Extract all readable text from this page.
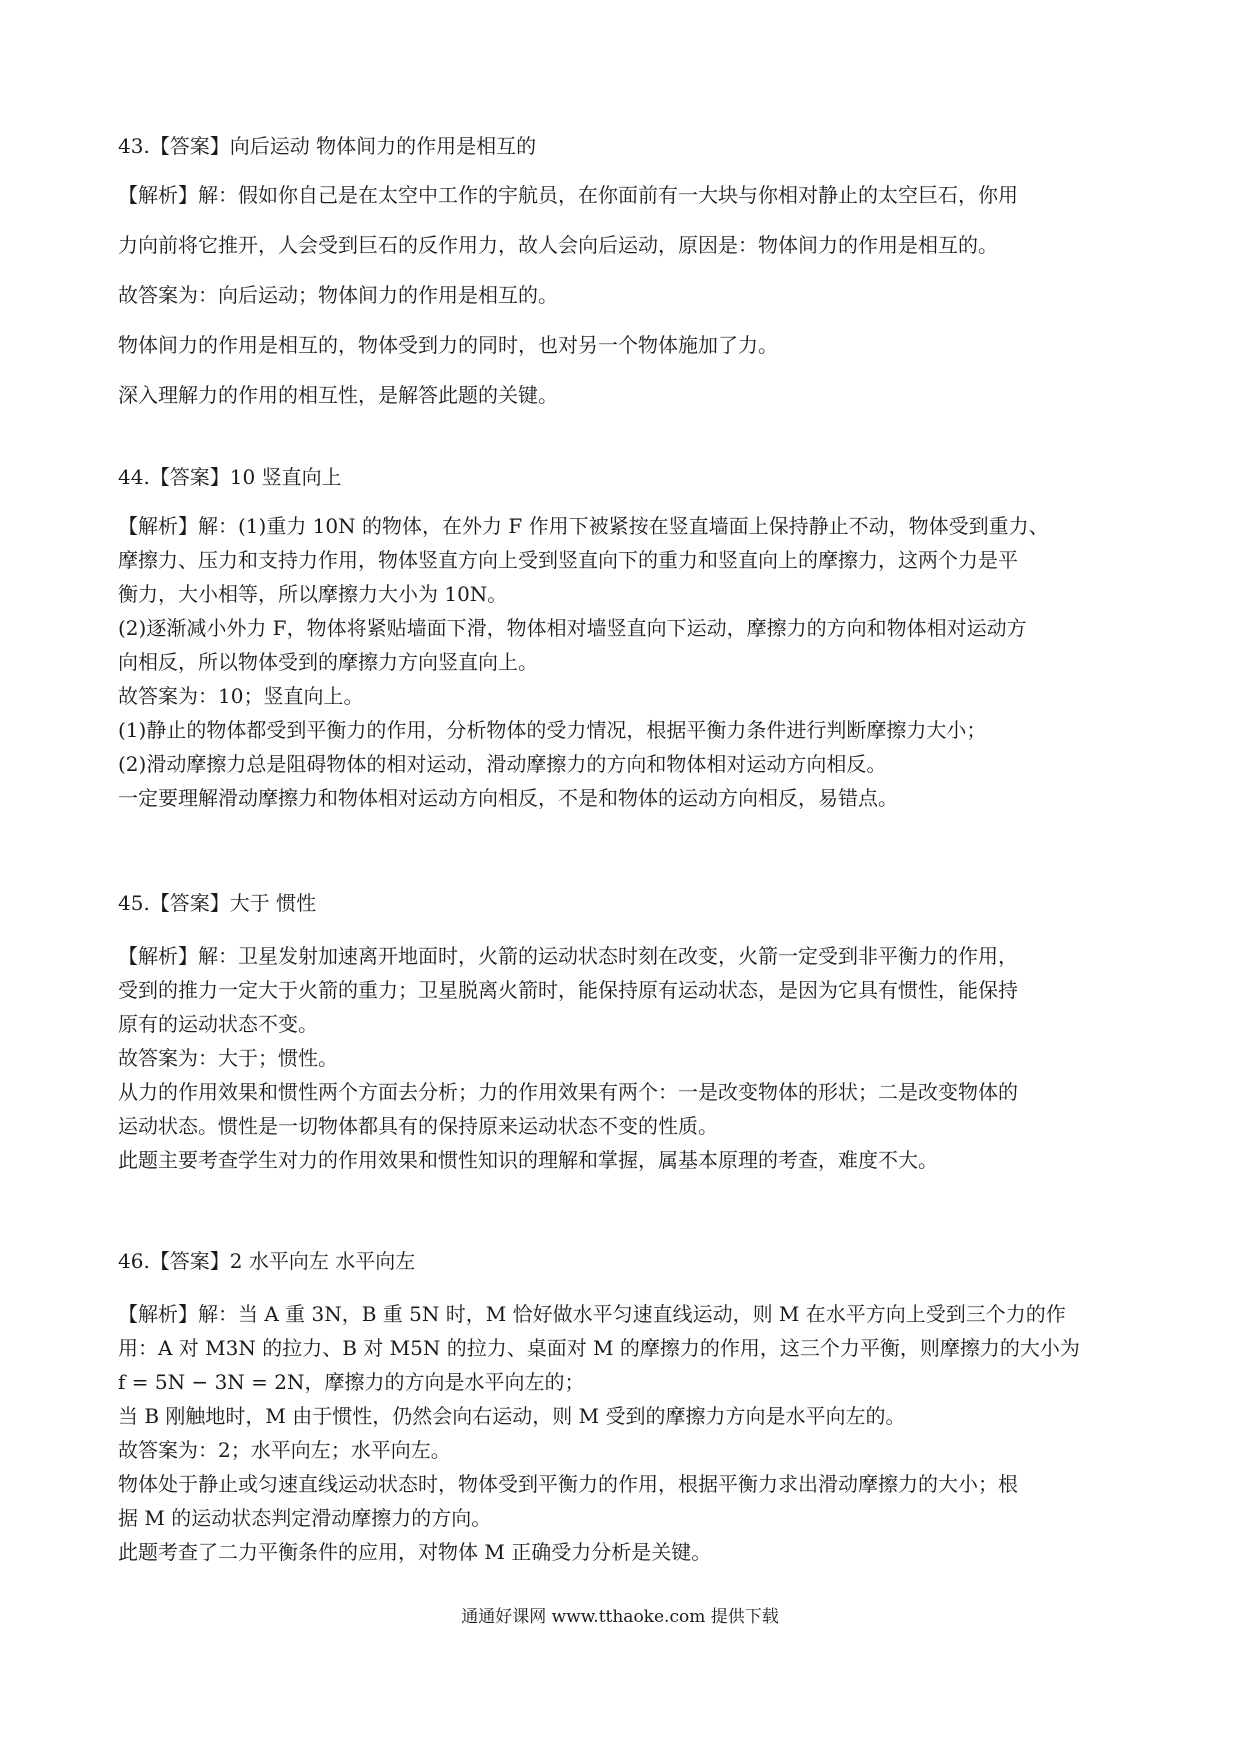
43.【答案】向后运动 物体间力的作用是相互的
【解析】解：假如你自己是在太空中工作的宇航员，在你面前有一大块与你相对静止的太空巨石，你用
力向前将它推开，人会受到巨石的反作用力，故人会向后运动，原因是：物体间力的作用是相互的。
故答案为：向后运动；物体间力的作用是相互的。
物体间力的作用是相互的，物体受到力的同时，也对另一个物体施加了力。
深入理解力的作用的相互性，是解答此题的关键。
44.【答案】10 竖直向上
【解析】解：(1)重力 10N 的物体，在外力 F 作用下被紧按在竖直墙面上保持静止不动，物体受到重力、
摩擦力、压力和支持力作用，物体竖直方向上受到竖直向下的重力和竖直向上的摩擦力，这两个力是平
衡力，大小相等，所以摩擦力大小为 10N。
(2)逐渐减小外力 F，物体将紧贴墙面下滑，物体相对墙竖直向下运动，摩擦力的方向和物体相对运动方
向相反，所以物体受到的摩擦力方向竖直向上。
故答案为：10；竖直向上。
(1)静止的物体都受到平衡力的作用，分析物体的受力情况，根据平衡力条件进行判断摩擦力大小；
(2)滑动摩擦力总是阻碍物体的相对运动，滑动摩擦力的方向和物体相对运动方向相反。
一定要理解滑动摩擦力和物体相对运动方向相反，不是和物体的运动方向相反，易错点。
45.【答案】大于 惯性
【解析】解：卫星发射加速离开地面时，火箭的运动状态时刻在改变，火箭一定受到非平衡力的作用，
受到的推力一定大于火箭的重力；卫星脱离火箭时，能保持原有运动状态，是因为它具有惯性，能保持
原有的运动状态不变。
故答案为：大于；惯性。
从力的作用效果和惯性两个方面去分析；力的作用效果有两个：一是改变物体的形状；二是改变物体的
运动状态。惯性是一切物体都具有的保持原来运动状态不变的性质。
此题主要考查学生对力的作用效果和惯性知识的理解和掌握，属基本原理的考查，难度不大。
46.【答案】2 水平向左 水平向左
【解析】解：当 A 重 3N，B 重 5N 时，M 恰好做水平匀速直线运动，则 M 在水平方向上受到三个力的作
用：A 对 M3N 的拉力、B 对 M5N 的拉力、桌面对 M 的摩擦力的作用，这三个力平衡，则摩擦力的大小为
f = 5N − 3N = 2N，摩擦力的方向是水平向左的；
当 B 刚触地时，M 由于惯性，仍然会向右运动，则 M 受到的摩擦力方向是水平向左的。
故答案为：2；水平向左；水平向左。
物体处于静止或匀速直线运动状态时，物体受到平衡力的作用，根据平衡力求出滑动摩擦力的大小；根
据 M 的运动状态判定滑动摩擦力的方向。
此题考查了二力平衡条件的应用，对物体 M 正确受力分析是关键。
通通好课网 www.tthaoke.com 提供下载
